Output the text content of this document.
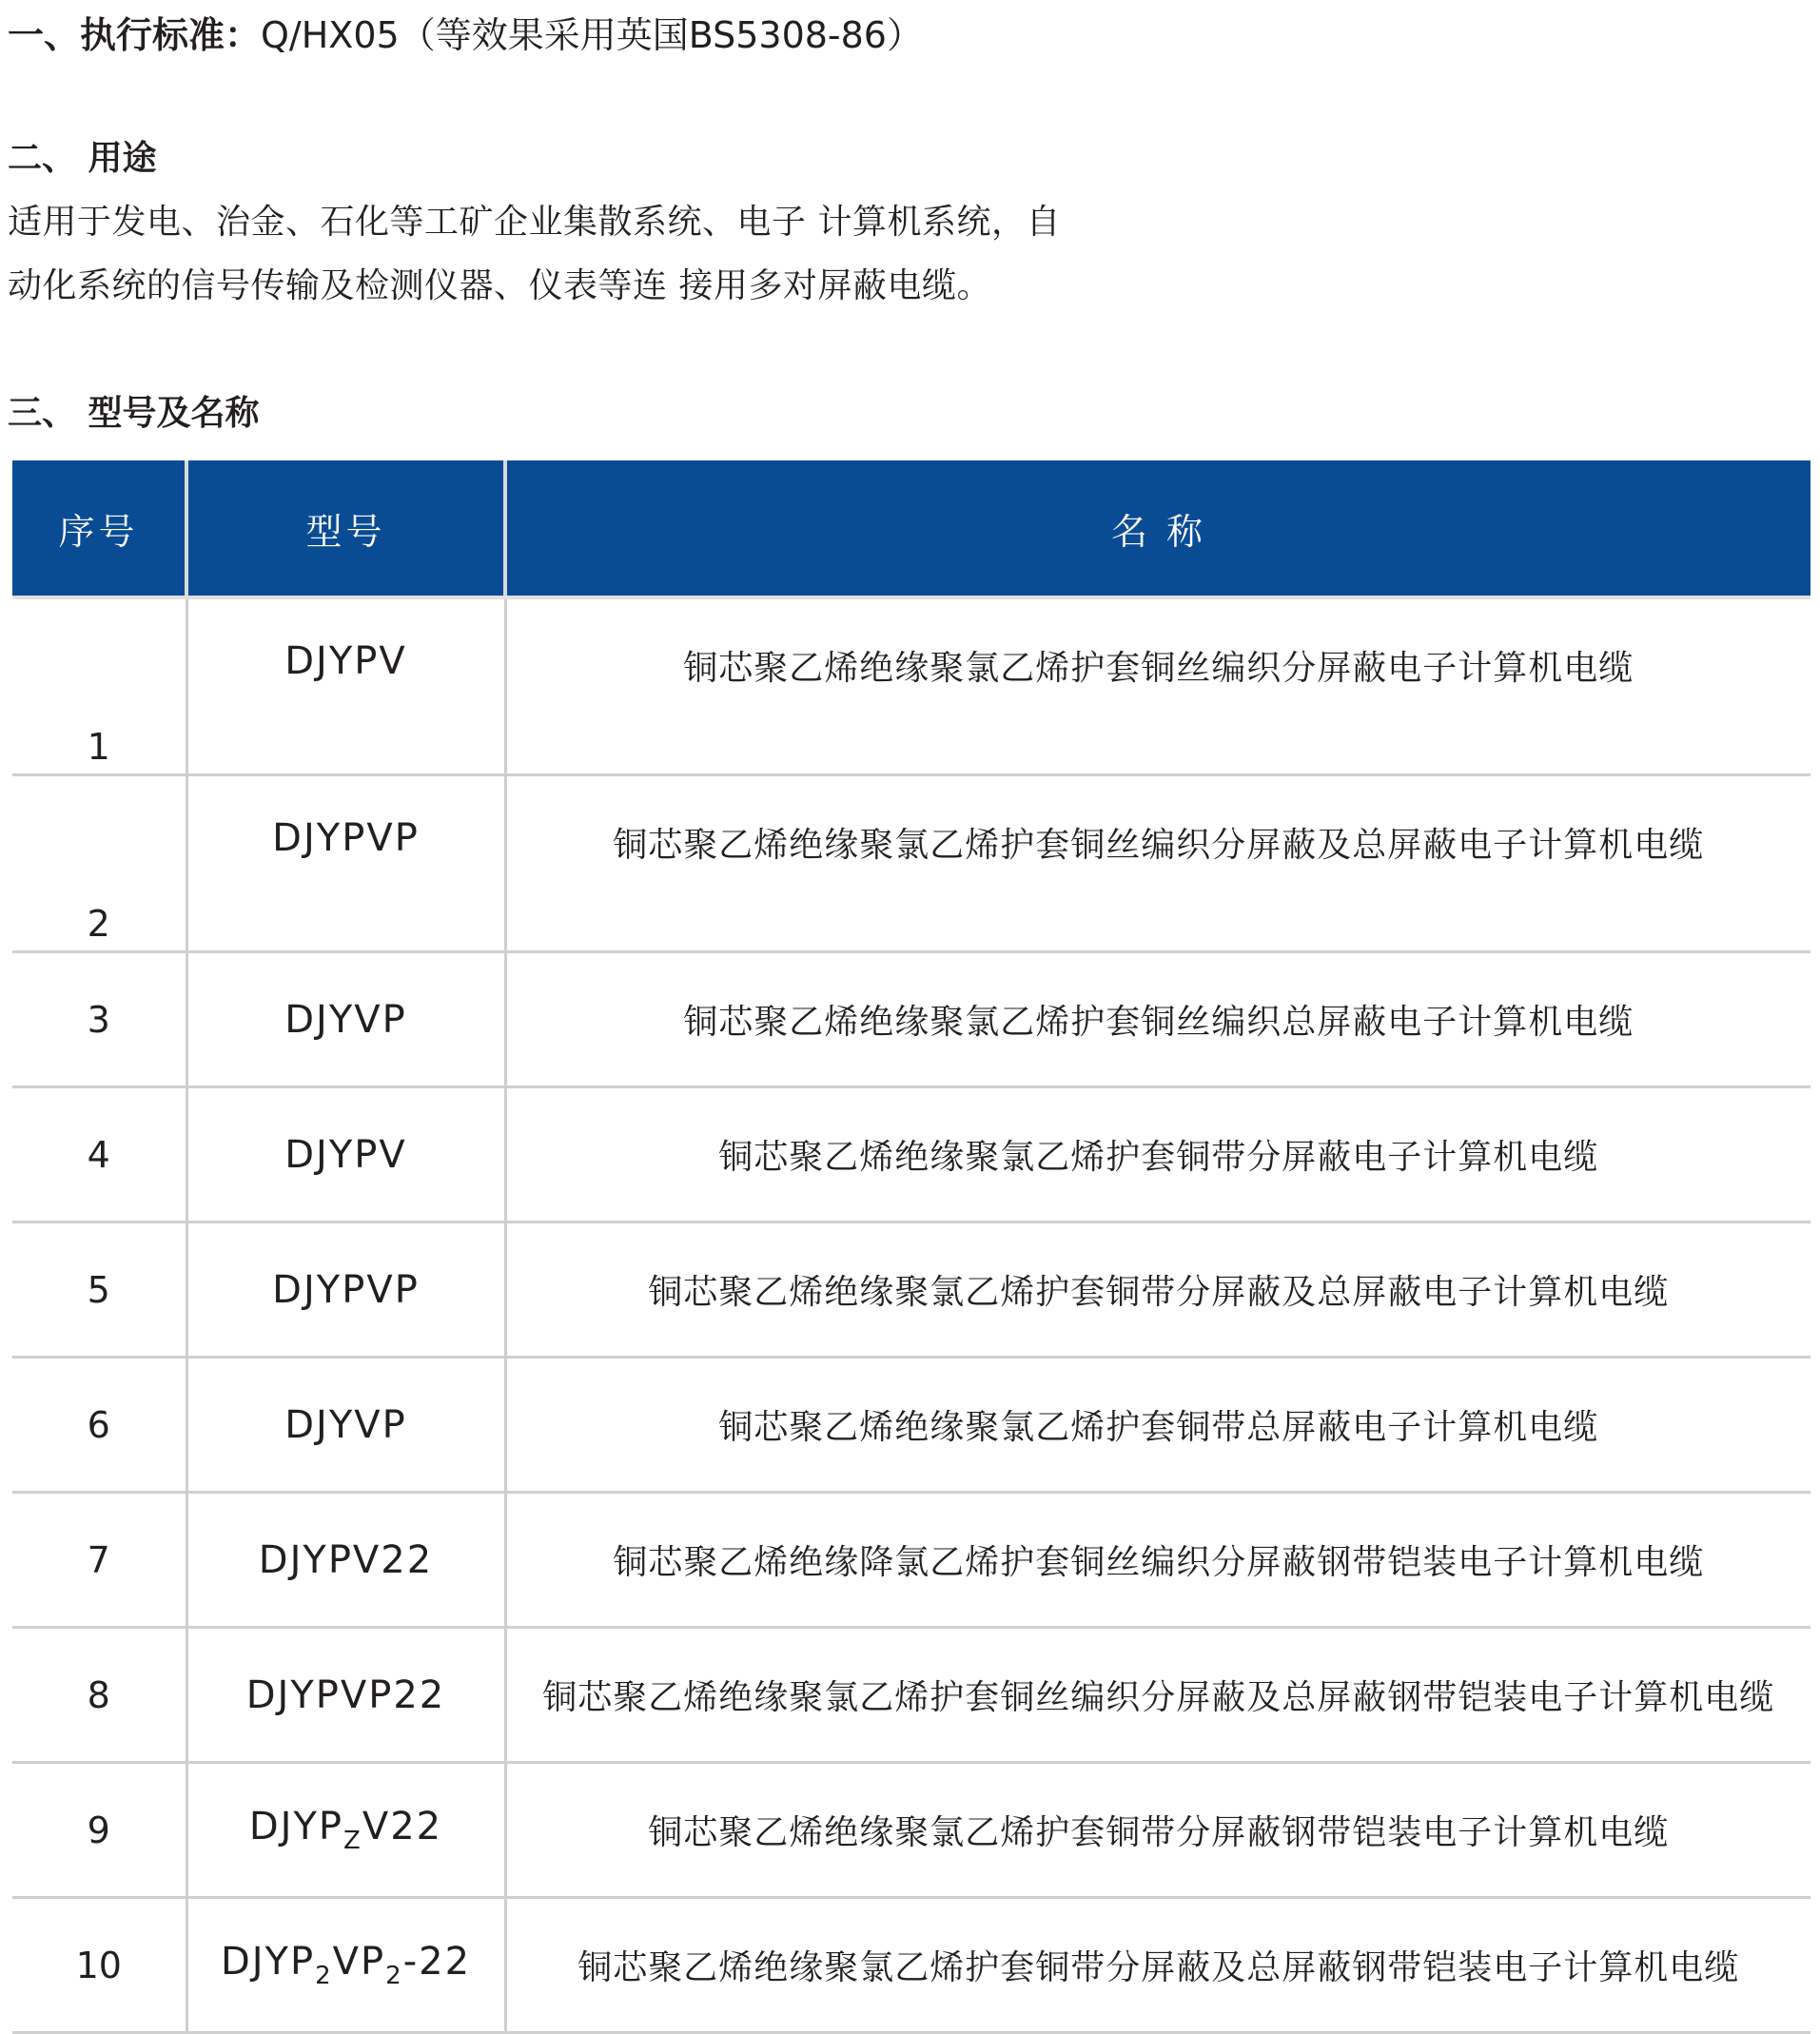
一、执行标准：Q/HX05（等效果采用英国BS5308-86）
二、 用途
适用于发电、治金、石化等工矿企业集散系统、电子 计算机系统，自
动化系统的信号传输及检测仪器、仪表等连 接用多对屏蔽电缆。
三、 型号及名称
序号	型号	名 称
1	DJYPV	铜芯聚乙烯绝缘聚氯乙烯护套铜丝编织分屏蔽电子计算机电缆
2	DJYPVP	铜芯聚乙烯绝缘聚氯乙烯护套铜丝编织分屏蔽及总屏蔽电子计算机电缆
3	DJYVP	铜芯聚乙烯绝缘聚氯乙烯护套铜丝编织总屏蔽电子计算机电缆
4	DJYPV	铜芯聚乙烯绝缘聚氯乙烯护套铜带分屏蔽电子计算机电缆
5	DJYPVP	铜芯聚乙烯绝缘聚氯乙烯护套铜带分屏蔽及总屏蔽电子计算机电缆
6	DJYVP	铜芯聚乙烯绝缘聚氯乙烯护套铜带总屏蔽电子计算机电缆
7	DJYPV22	铜芯聚乙烯绝缘降氯乙烯护套铜丝编织分屏蔽钢带铠装电子计算机电缆
8	DJYPVP22	铜芯聚乙烯绝缘聚氯乙烯护套铜丝编织分屏蔽及总屏蔽钢带铠装电子计算机电缆
9	$DJYP_ZV22$	铜芯聚乙烯绝缘聚氯乙烯护套铜带分屏蔽钢带铠装电子计算机电缆
10	$DJYP_2VP_2-22$	铜芯聚乙烯绝缘聚氯乙烯护套铜带分屏蔽及总屏蔽钢带铠装电子计算机电缆
